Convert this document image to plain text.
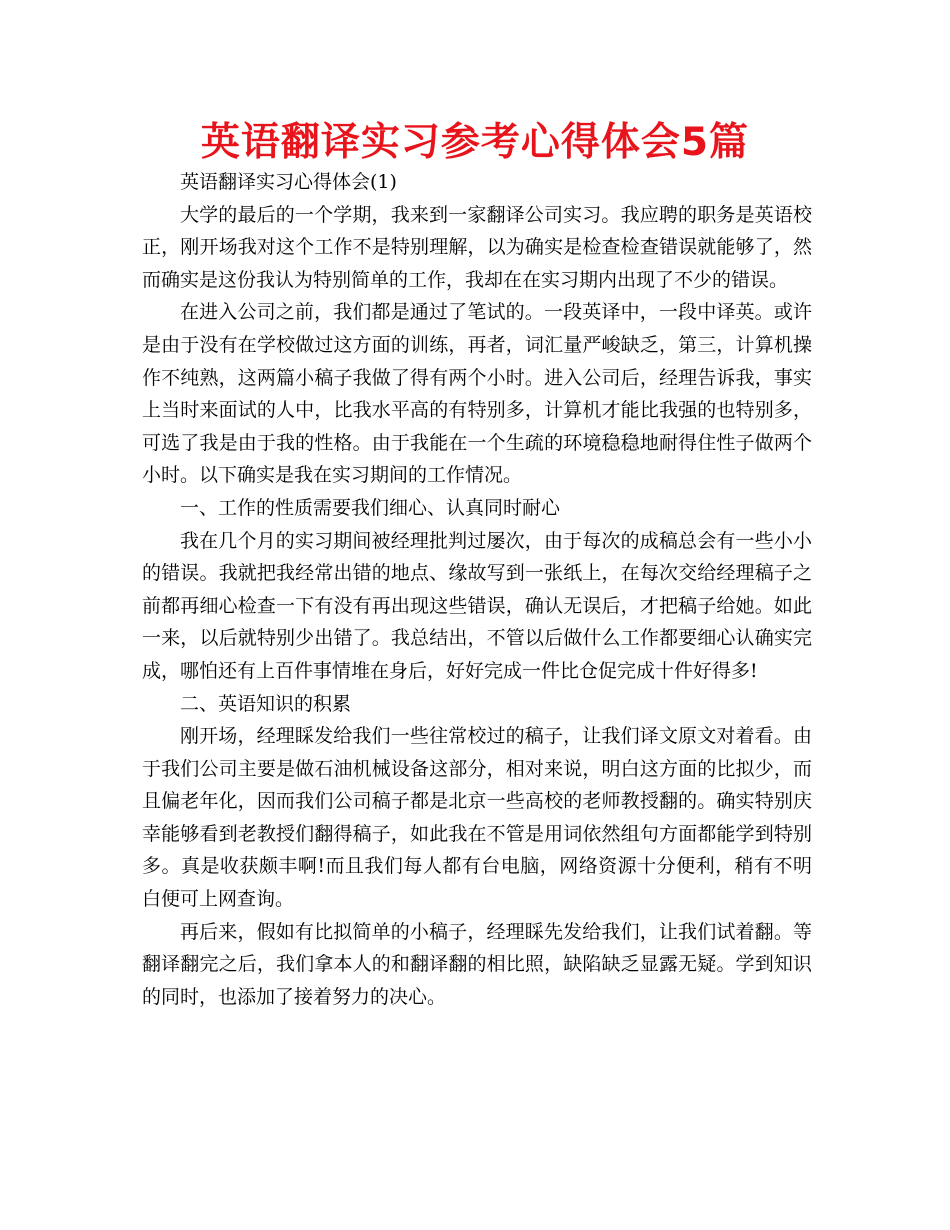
英语翻译实习参考心得体会5篇

英语翻译实习心得体会(1)

大学的最后的一个学期，我来到一家翻译公司实习。我应聘的职务是英语校正，刚开场我对这个工作不是特别理解，以为确实是检查检查错误就能够了，然而确实是这份我认为特别简单的工作，我却在在实习期内出现了不少的错误。

在进入公司之前，我们都是通过了笔试的。一段英译中，一段中译英。或许是由于没有在学校做过这方面的训练，再者，词汇量严峻缺乏，第三，计算机操作不纯熟，这两篇小稿子我做了得有两个小时。进入公司后，经理告诉我，事实上当时来面试的人中，比我水平高的有特别多，计算机才能比我强的也特别多，可选了我是由于我的性格。由于我能在一个生疏的环境稳稳地耐得住性子做两个小时。以下确实是我在实习期间的工作情况。

一、工作的性质需要我们细心、认真同时耐心

我在几个月的实习期间被经理批判过屡次，由于每次的成稿总会有一些小小的错误。我就把我经常出错的地点、缘故写到一张纸上，在每次交给经理稿子之前都再细心检查一下有没有再出现这些错误，确认无误后，才把稿子给她。如此一来，以后就特别少出错了。我总结出，不管以后做什么工作都要细心认确实完成，哪怕还有上百件事情堆在身后，好好完成一件比仓促完成十件好得多!

二、英语知识的积累

刚开场，经理睬发给我们一些往常校过的稿子，让我们译文原文对着看。由于我们公司主要是做石油机械设备这部分，相对来说，明白这方面的比拟少，而且偏老年化，因而我们公司稿子都是北京一些高校的老师教授翻的。确实特别庆幸能够看到老教授们翻得稿子，如此我在不管是用词依然组句方面都能学到特别多。真是收获颇丰啊!而且我们每人都有台电脑，网络资源十分便利，稍有不明白便可上网查询。

再后来，假如有比拟简单的小稿子，经理睬先发给我们，让我们试着翻。等翻译翻完之后，我们拿本人的和翻译翻的相比照，缺陷缺乏显露无疑。学到知识的同时，也添加了接着努力的决心。
